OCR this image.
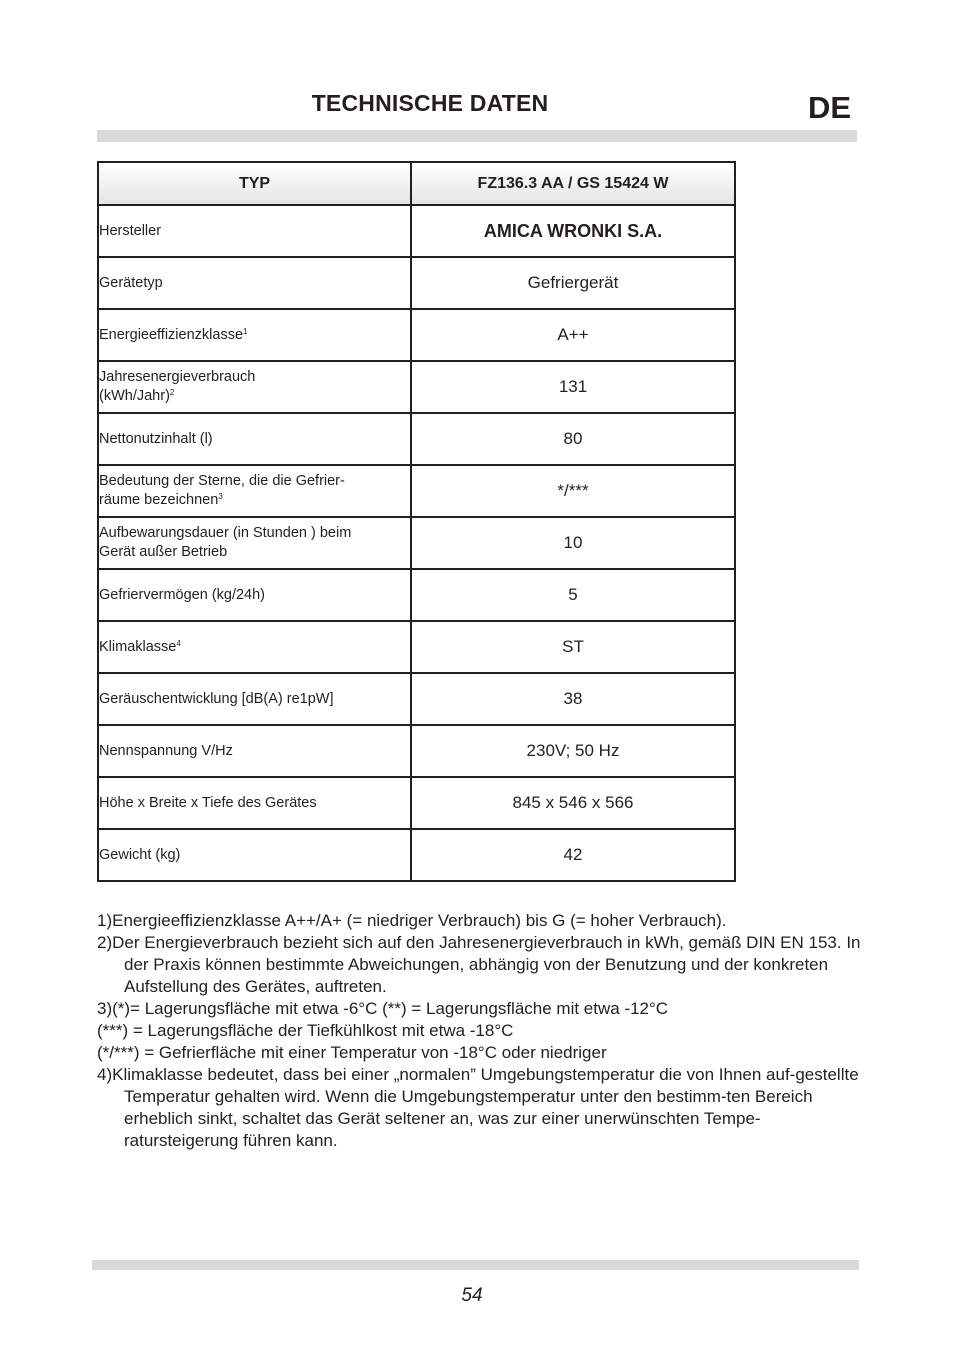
TECHNISCHE DATEN	DE
TYP	FZ136.3 AA / GS 15424 W
Hersteller	AMICA WRONKI S.A.
Gerätetyp	Gefriergerät
Energieeffizienzklasse$^1$	A++
Jahresenergieverbrauch
(kWh/Jahr)$^2$	131
Nettonutzinhalt (l)	80
Bedeutung der Sterne, die die Gefrier-
räume bezeichnen$^3$	*/***
Aufbewarungsdauer (in Stunden ) beim
Gerät außer Betrieb	10
Gefriervermögen (kg/24h)	5
Klimaklasse$^4$	ST
Geräuschentwicklung [dB(A) re1pW]	38
Nennspannung V/Hz	230V; 50 Hz
Höhe x Breite x Tiefe des Gerätes	845 x 546 x 566
Gewicht (kg)	42

1)Energieeffizienzklasse A++/A+ (= niedriger Verbrauch) bis G (= hoher Verbrauch).

2)Der Energieverbrauch bezieht sich auf den Jahresenergieverbrauch in kWh, gemäß DIN EN 153. In der Praxis können bestimmte Abweichungen, abhängig von der Benutzung und der konkreten Aufstellung des Gerätes, auftreten.

3)(*)= Lagerungsfläche mit etwa -6°C (**) = Lagerungsfläche mit etwa -12°C

(***) = Lagerungsfläche der Tiefkühlkost mit etwa -18°C

(*/***) = Gefrierfläche mit einer Temperatur von -18°C oder niedriger

4)Klimaklasse bedeutet, dass bei einer „normalen” Umgebungstemperatur die von Ihnen auf-gestellte Temperatur gehalten wird. Wenn die Umgebungstemperatur unter den bestimm-ten Bereich erheblich sinkt, schaltet das Gerät seltener an, was zur einer unerwünschten Tempe- ratursteigerung führen kann.

54
